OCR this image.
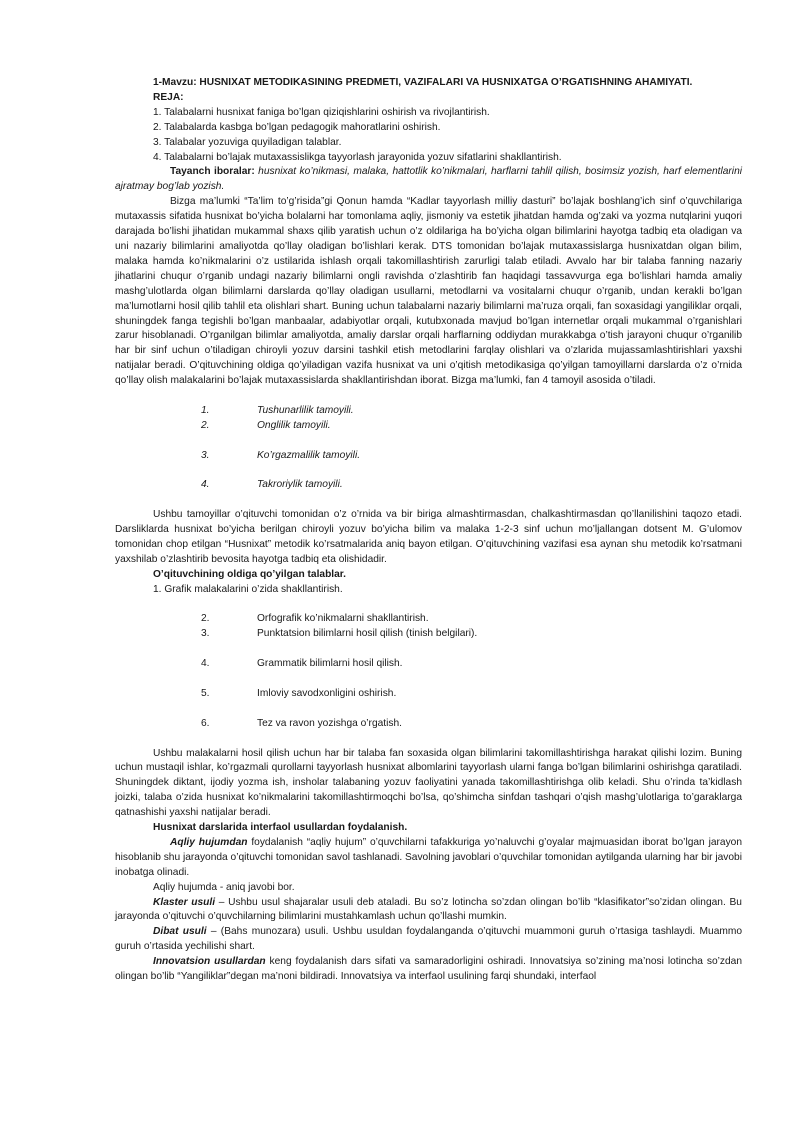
1-Mavzu: HUSNIXAT METODIKASINING PREDMETI, VAZIFALARI VA HUSNIXATGA O’RGATISHNING AHAMIYATI.

REJA:

1. Talabalarni husnixat faniga bo’lgan qiziqishlarini oshirish va rivojlantirish.

2. Talabalarda kasbga bo’lgan pedagogik mahoratlarini oshirish.

3. Talabalar yozuviga quyiladigan talablar.

4. Talabalarni bo’lajak mutaxassislikga tayyorlash jarayonida yozuv sifatlarini shakllantirish.

Tayanch iboralar: husnixat ko’nikmasi, malaka, hattotlik ko’nikmalari, harflarni tahlil qilish, bosimsiz yozish, harf elementlarini ajratmay bog’lab yozish.

Bizga ma’lumki “Ta’lim to’g’risida”gi Qonun hamda “Kadlar tayyorlash milliy dasturi” bo’lajak boshlang’ich sinf o’quvchilariga mutaxassis sifatida husnixat bo’yicha bolalarni har tomonlama aqliy, jismoniy va estetik jihatdan hamda og’zaki va yozma nutqlarini yuqori darajada bo’lishi jihatidan mukammal shaxs qilib yaratish uchun o’z oldilariga ha bo’yicha olgan bilimlarini hayotga tadbiq eta oladigan va uni nazariy bilimlarini amaliyotda qo’llay oladigan bo’lishlari kerak. DTS tomonidan bo’lajak mutaxassislarga husnixatdan olgan bilim, malaka hamda ko’nikmalarini o’z ustilarida ishlash orqali takomillashtirish zarurligi talab etiladi. Avvalo har bir talaba fanning nazariy jihatlarini chuqur o’rganib undagi nazariy bilimlarni ongli ravishda o’zlashtirib fan haqidagi tassavvurga ega bo’lishlari hamda amaliy mashg’ulotlarda olgan bilimlarni darslarda qo’llay oladigan usullarni, metodlarni va vositalarni chuqur o’rganib, undan kerakli bo’lgan ma’lumotlarni hosil qilib tahlil eta olishlari shart. Buning uchun talabalarni nazariy bilimlarni ma’ruza orqali, fan soxasidagi yangiliklar orqali, shuningdek fanga tegishli bo’lgan manbaalar, adabiyotlar orqali, kutubxonada mavjud bo’lgan internetlar orqali mukammal o’rganishlari zarur hisoblanadi. O’rganilgan bilimlar amaliyotda, amaliy darslar orqali harflarning oddiydan murakkabga o’tish jarayoni chuqur o’rganilib har bir sinf uchun o’tiladigan chiroyli yozuv darsini tashkil etish metodlarini farqlay olishlari va o’zlarida mujassamlashtirishlari yaxshi natijalar beradi. O’qituvchining oldiga qo’yiladigan vazifa husnixat va uni o’qitish metodikasiga qo’yilgan tamoyillarni darslarda o’z o’rnida qo’llay olish malakalarini bo’lajak mutaxassislarda shakllantirishdan iborat. Bizga ma’lumki, fan 4 tamoyil asosida o’tiladi.

1.	Tushunarlilik tamoyili.
2.	Onglilik tamoyili.
3.	Ko’rgazmalilik tamoyili.
4.	Takroriylik tamoyili.

Ushbu tamoyillar o’qituvchi tomonidan o’z o’rnida va bir biriga almashtirmasdan, chalkashtirmasdan qo’llanilishini taqozo etadi. Darsliklarda husnixat bo’yicha berilgan chiroyli yozuv bo’yicha bilim va malaka 1-2-3 sinf uchun mo’ljallangan dotsent M. G’ulomov tomonidan chop etilgan “Husnixat” metodik ko’rsatmalarida aniq bayon etilgan. O’qituvchining vazifasi esa aynan shu metodik ko’rsatmani yaxshilab o’zlashtirib bevosita hayotga tadbiq eta olishidadir.

O’qituvchining oldiga qo’yilgan talablar.

1. Grafik malakalarini o’zida shakllantirish.

2.	Orfografik ko’nikmalarni shakllantirish.
3.	Punktatsion bilimlarni hosil qilish (tinish belgilari).
4.	Grammatik bilimlarni hosil qilish.
5.	Imloviy savodxonligini oshirish.
6.	Tez va ravon yozishga o’rgatish.

Ushbu malakalarni hosil qilish uchun har bir talaba fan soxasida olgan bilimlarini takomillashtirishga harakat qilishi lozim. Buning uchun mustaqil ishlar, ko’rgazmali qurollarni tayyorlash husnixat albomlarini tayyorlash ularni fanga bo’lgan bilimlarini oshirishga qaratiladi. Shuningdek diktant, ijodiy yozma ish, insholar talabaning yozuv faoliyatini yanada takomillashtirishga olib keladi. Shu o’rinda ta’kidlash joizki, talaba o’zida husnixat ko’nikmalarini takomillashtirmoqchi bo’lsa, qo’shimcha sinfdan tashqari o’qish mashg’ulotlariga to’garaklarga qatnashishi yaxshi natijalar beradi.

Husnixat darslarida interfaol usullardan foydalanish.

Aqliy hujumdan foydalanish “aqliy hujum” o’quvchilarni tafakkuriga yo’naluvchi g’oyalar majmuasidan iborat bo’lgan jarayon hisoblanib shu jarayonda o’qituvchi tomonidan savol tashlanadi. Savolning javoblari o’quvchilar tomonidan aytilganda ularning har bir javobi inobatga olinadi.

Aqliy hujumda - aniq javobi bor.

Klaster usuli – Ushbu usul shajaralar usuli deb ataladi. Bu so’z lotincha so’zdan olingan bo’lib “klasifikator”so’zidan olingan. Bu jarayonda o’qituvchi o’quvchilarning bilimlarini mustahkamlash uchun qo’llashi mumkin.

Dibat usuli – (Bahs munozara) usuli. Ushbu usuldan foydalanganda o’qituvchi muammoni guruh o’rtasiga tashlaydi. Muammo guruh o’rtasida yechilishi shart.

Innovatsion usullardan keng foydalanish dars sifati va samaradorligini oshiradi. Innovatsiya so’zining ma’nosi lotincha so’zdan olingan bo’lib “Yangiliklar”degan ma’noni bildiradi. Innovatsiya va interfaol usulining farqi shundaki, interfaol
